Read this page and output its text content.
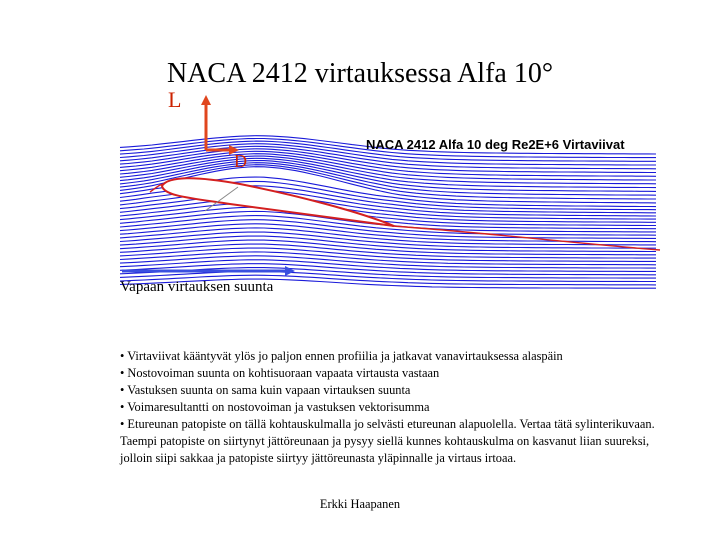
NACA 2412 virtauksessa Alfa 10°
NACA 2412 Alfa 10 deg Re2E+6 Virtaviivat
L
D
Vapaan virtauksen suunta

• Virtaviivat kääntyvät ylös jo paljon ennen profiilia ja jatkavat vanavirtauksessa alaspäin

• Nostovoiman suunta on kohtisuoraan vapaata virtausta vastaan

• Vastuksen suunta on sama kuin vapaan virtauksen suunta

• Voimaresultantti on nostovoiman ja vastuksen vektorisumma

• Etureunan patopiste on tällä kohtauskulmalla jo selvästi etureunan alapuolella. Vertaa tätä sylinterikuvaan. Taempi patopiste on siirtynyt jättöreunaan ja pysyy siellä kunnes kohtauskulma on kasvanut liian suureksi, jolloin siipi sakkaa ja patopiste siirtyy jättöreunasta yläpinnalle ja virtaus irtoaa.

Erkki Haapanen
